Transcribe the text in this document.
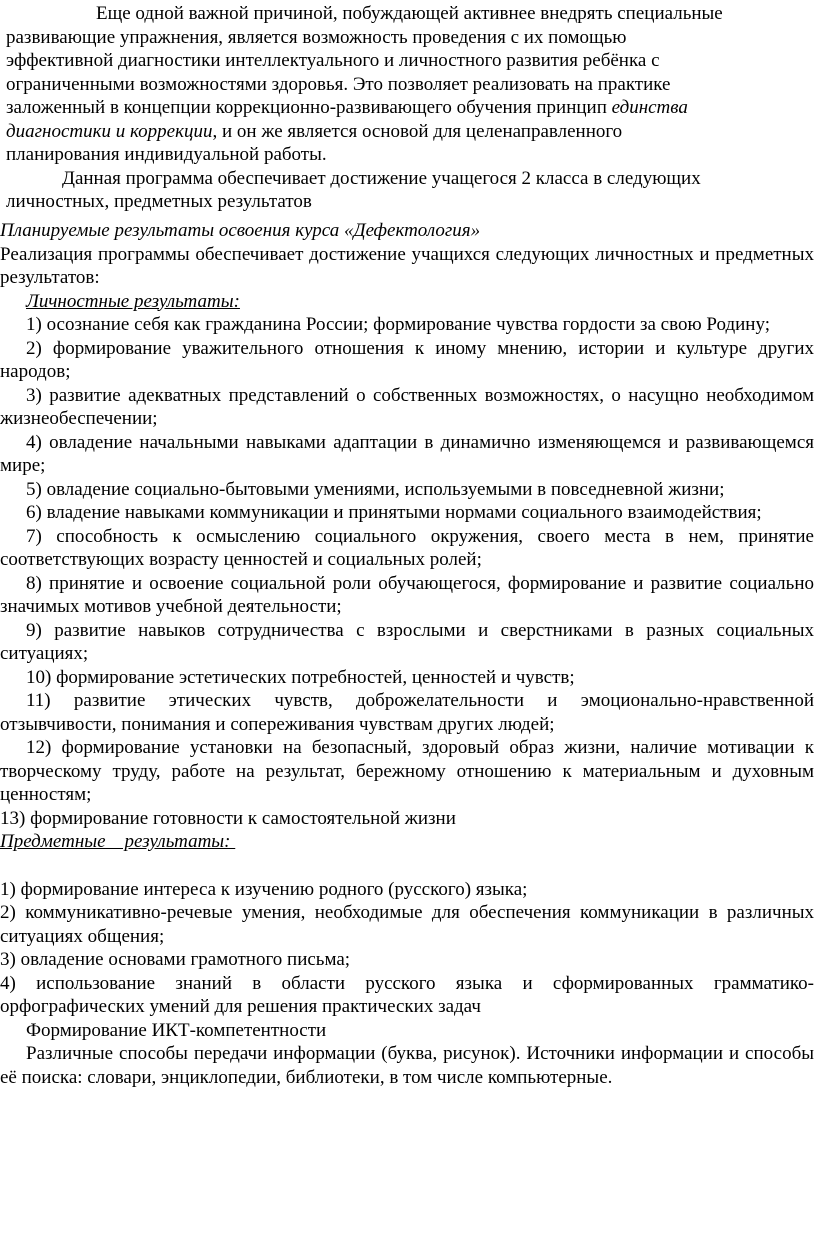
Еще одной важной причиной, побуждающей активнее внедрять специальные
развивающие упражнения, является возможность проведения с их помощью
эффективной диагностики интеллектуального и личностного развития ребёнка с
ограниченными возможностями здоровья. Это позволяет реализовать на практике
заложенный в концепции коррекционно-развивающего обучения принцип единства
диагностики и коррекции, и он же является основой для целенаправленного
планирования индивидуальной работы.
Данная программа обеспечивает достижение учащегося 2 класса в следующих
личностных, предметных результатов

Планируемые результаты освоения курса «Дефектология»

Реализация программы обеспечивает достижение учащихся следующих личностных и предметных результатов:

Личностные результаты:

1) осознание себя как гражданина России; формирование чувства гордости за свою Родину;

2) формирование уважительного отношения к иному мнению, истории и культуре других народов;

3) развитие адекватных представлений о собственных возможностях, о насущно необходимом жизнеобеспечении;

4) овладение начальными навыками адаптации в динамично изменяющемся и развивающемся мире;

5) овладение социально-бытовыми умениями, используемыми в повседневной жизни;

6) владение навыками коммуникации и принятыми нормами социального взаимодействия;

7) способность к осмыслению социального окружения, своего места в нем, принятие соответствующих возрасту ценностей и социальных ролей;

8) принятие и освоение социальной роли обучающегося, формирование и развитие социально значимых мотивов учебной деятельности;

9) развитие навыков сотрудничества с взрослыми и сверстниками в разных социальных ситуациях;

10) формирование эстетических потребностей, ценностей и чувств;

11) развитие этических чувств, доброжелательности и эмоционально-нравственной отзывчивости, понимания и сопереживания чувствам других людей;

12) формирование установки на безопасный, здоровый образ жизни, наличие мотивации к творческому труду, работе на результат, бережному отношению к материальным и духовным ценностям;

13) формирование готовности к самостоятельной жизни

Предметные    результаты:

1) формирование интереса к изучению родного (русского) языка;

2) коммуникативно-речевые умения, необходимые для обеспечения коммуникации в различных ситуациях общения;

3) овладение основами грамотного письма;

4) использование знаний в области русского языка и сформированных грамматико-орфографических умений для решения практических задач

Формирование ИКТ-компетентности

Различные способы передачи информации (буква, рисунок). Источники информации и способы её поиска: словари, энциклопедии, библиотеки, в том числе компьютерные.
